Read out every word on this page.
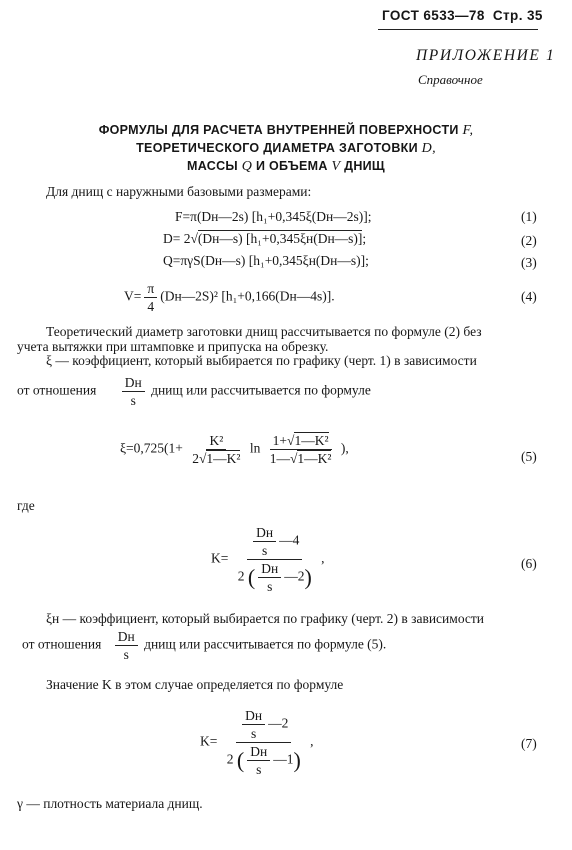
ГОСТ 6533—78 Стр. 35
ПРИЛОЖЕНИЕ 1
Справочное
ФОРМУЛЫ ДЛЯ РАСЧЕТА ВНУТРЕННЕЙ ПОВЕРХНОСТИ F,
ТЕОРЕТИЧЕСКОГО ДИАМЕТРА ЗАГОТОВКИ D,
МАССЫ Q И ОБЪЕМА V ДНИЩ
Для днищ с наружными базовыми размерами:
F=π(Dн—2s) [h₁+0,345ξ(Dн—2s)];	(1)
D= 2√(Dн—s) [h₁+0,345ξн(Dн—s)];	(2)
Q=πγS(Dн—s) [h₁+0,345ξн(Dн—s)];	(3)
$V= \frac{\pi}{4}$ (Dн—2S)² [h₁+0,166(Dн—4s)].	(4)
Теоретический диаметр заготовки днищ рассчитывается по формуле (2) без
учета вытяжки при штамповке и припуска на обрезку.
ξ — коэффициент, который выбирается по графику (черт. 1) в зависимости
от отношения $\frac{Dн}{s}$ днищ или рассчитывается по формуле
$\xi=0,725(1+ \frac{\text{K²}}{\text{2√1—K²}}$ $\ln \frac{\text{1+√1—K²}}{\text{1—√1—K²}}$ ),
(5)
где
$K= \frac{\frac{Dн}{s} —4}{2 ( \frac{Dн}{s} —2)}$ ,	(6)
ξн — коэффициент, который выбирается по графику (черт. 2) в зависимости
от отношения $\frac{Dн}{s}$ днищ или рассчитывается по формуле (5).
Значение K в этом случае определяется по формуле
$K= \frac{\frac{Dн}{s} —2}{2 ( \frac{Dн}{s} —1)}$ ,	(7)
γ — плотность материала днищ.
